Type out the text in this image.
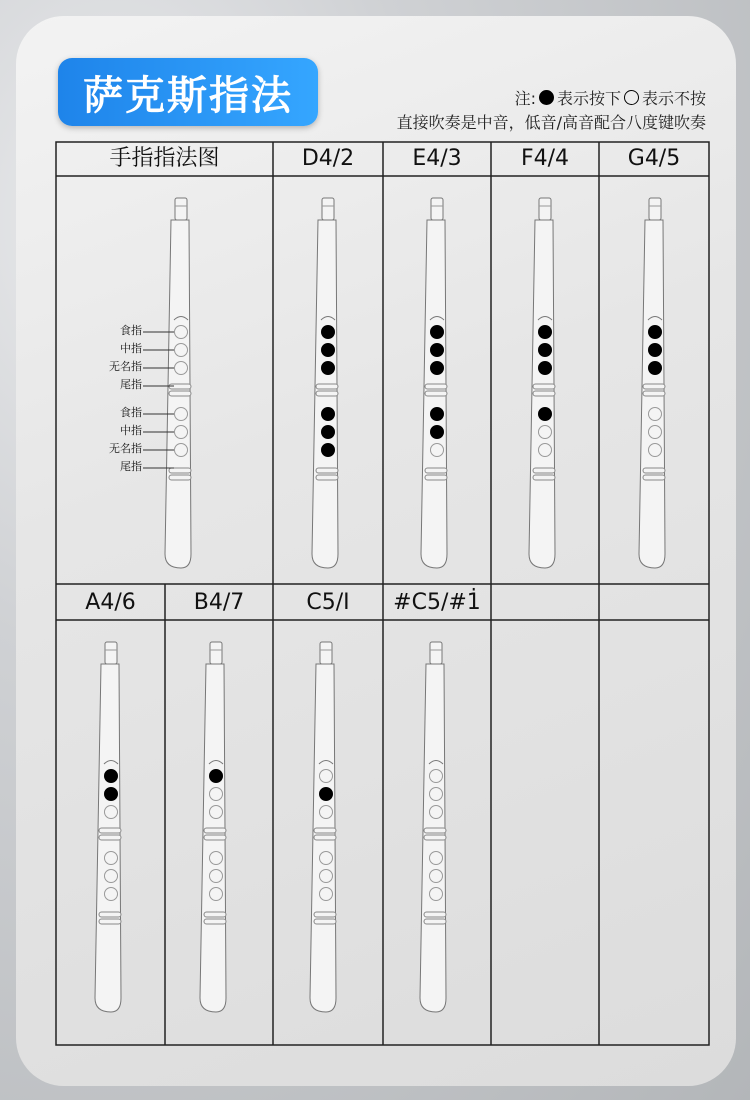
萨克斯指法	注: 表示按下 表示不按
直接吹奏是中音，低音/高音配合八度键吹奏
手指指法图	D4/2	E4/3	F4/4	G4/5
A4/6	B4/7	C5/I	#C5/#1̇
食指
中指
无名指
尾指
食指
中指
无名指
尾指
